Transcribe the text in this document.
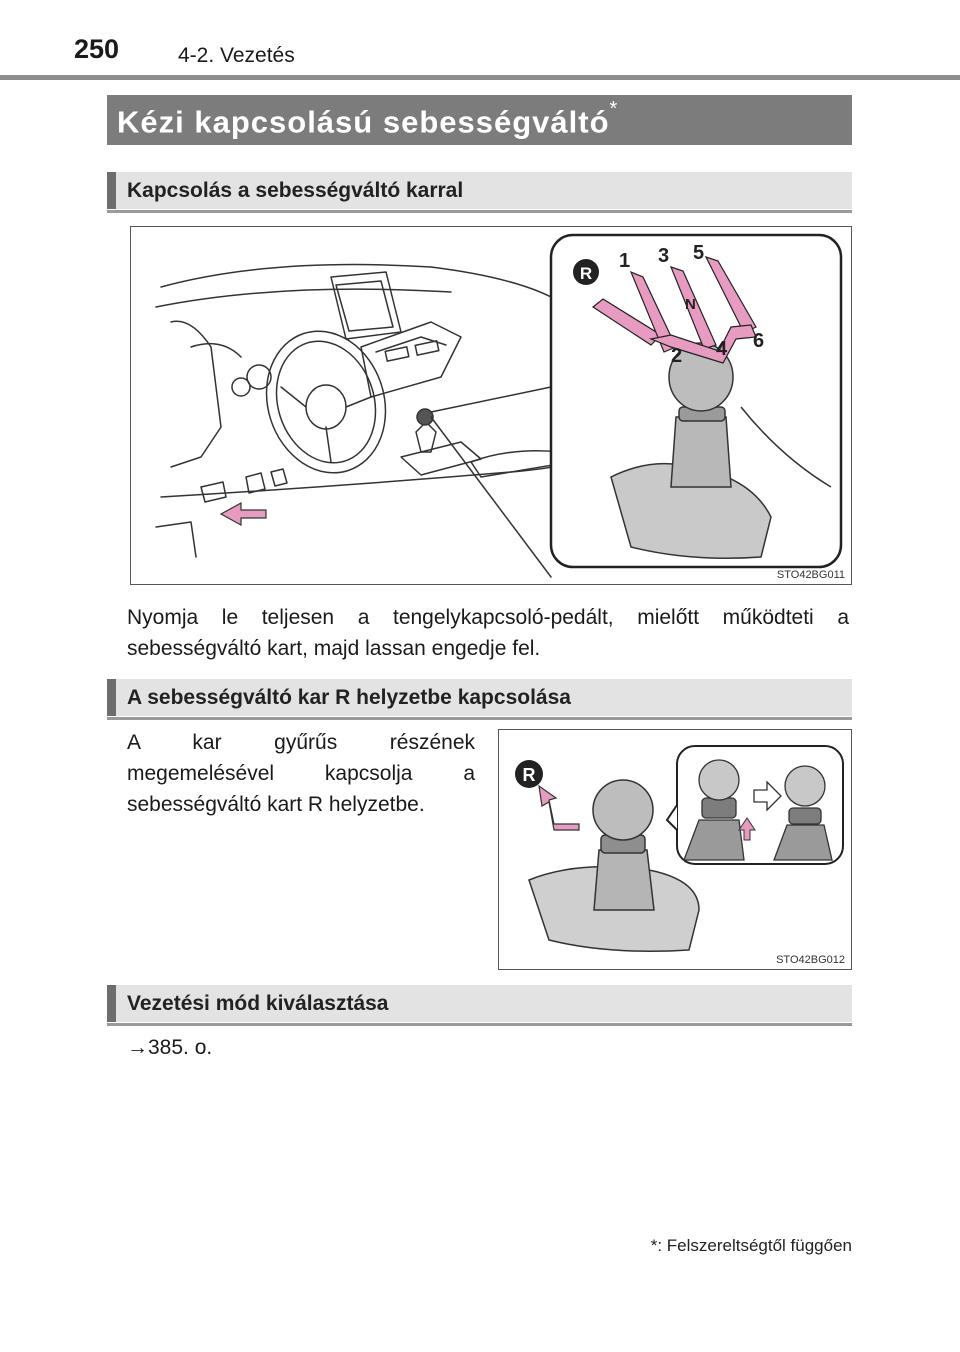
250	4-2. Vezetés
Kézi kapcsolású sebességváltó*
Kapcsolás a sebességváltó karral
R
1 3 5
2 4 6
N
STO42BG011
Nyomja le teljesen a tengelykapcsoló-pedált, mielőtt működteti a sebességváltó kart, majd lassan engedje fel.
A sebességváltó kar R helyzetbe kapcsolása
A kar gyűrűs részének megemelésével kapcsolja a sebességváltó kart R helyzetbe.
R
STO42BG012
Vezetési mód kiválasztása
→385. o.
*: Felszereltségtől függően
